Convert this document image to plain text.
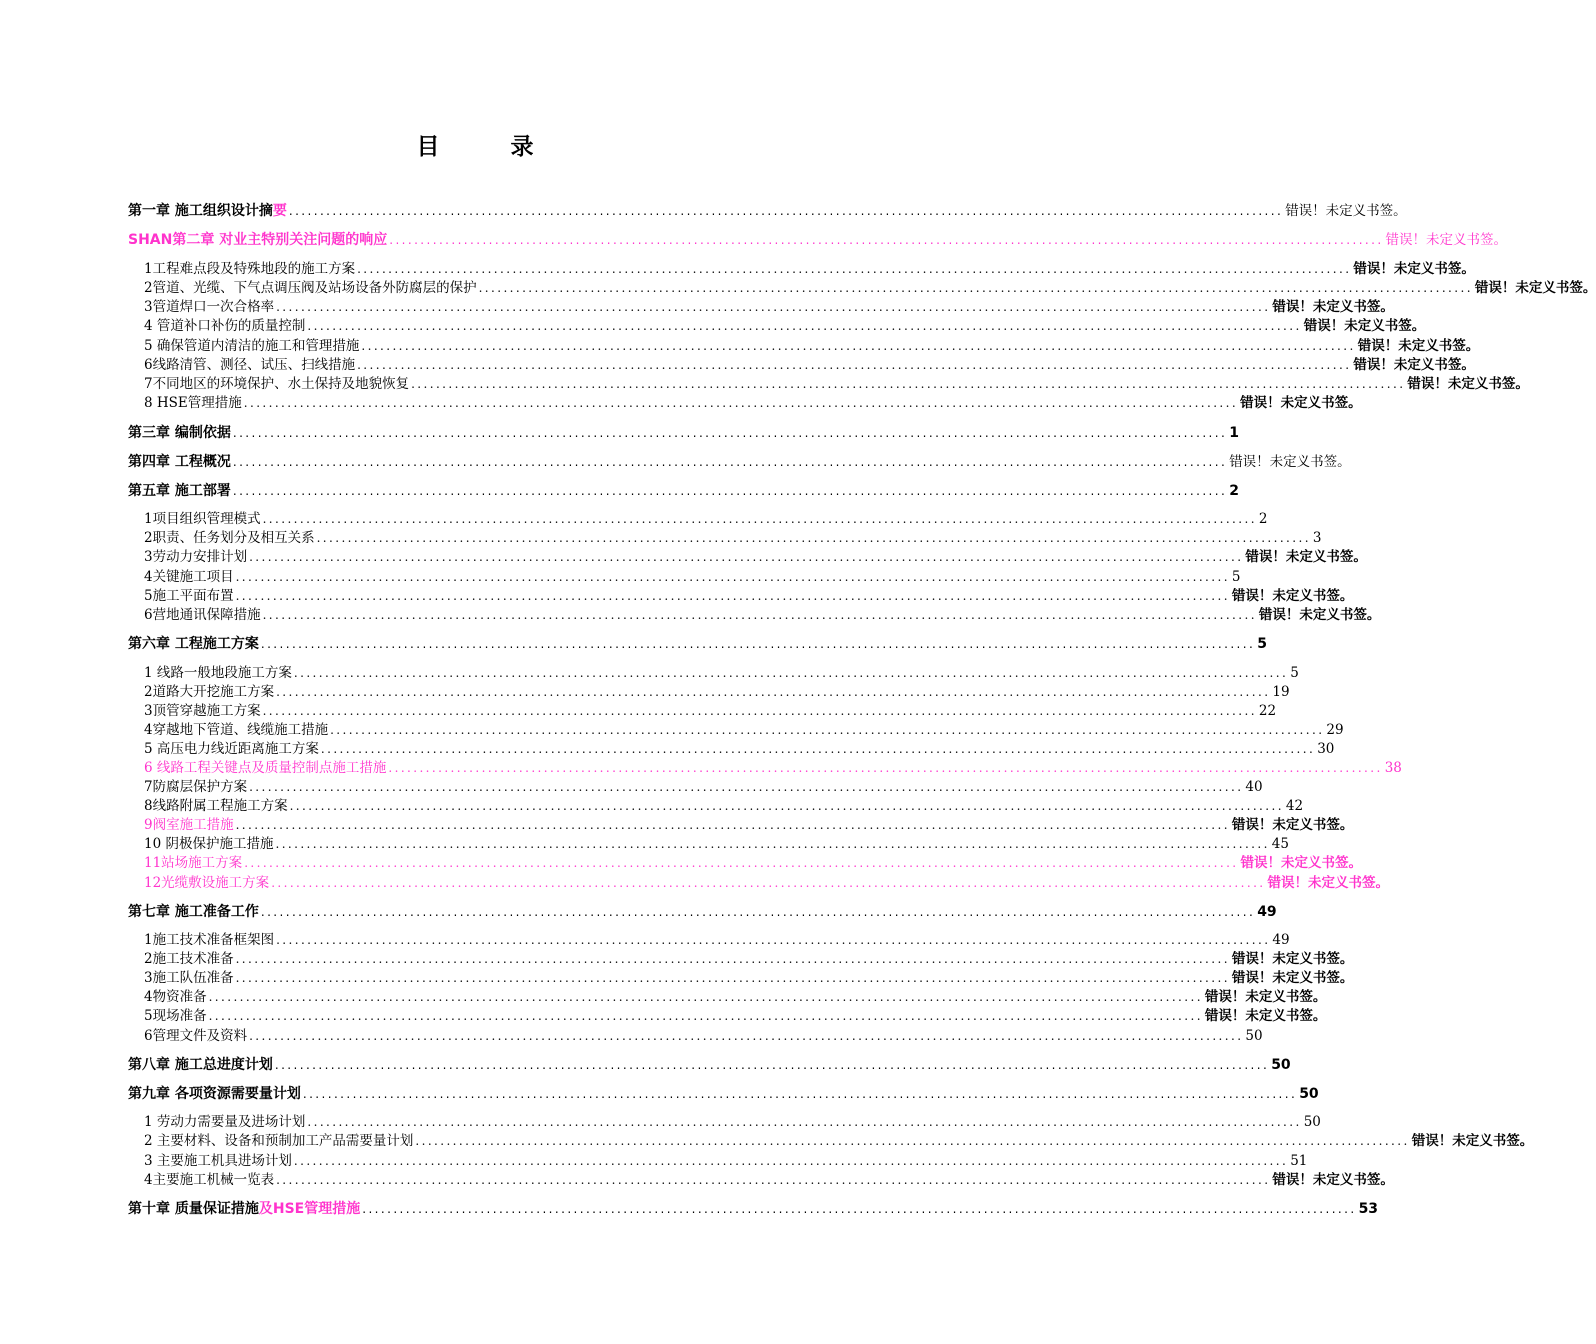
目　录
第一章 施工组织设计摘要 ................................................................................................................................................................ 错误！未定义书签。
SHAN第二章 对业主特别关注问题的响应 ................................................................................................................................................................ 错误！未定义书签。
1工程难点段及特殊地段的施工方案 ................................................................................................................................................................ 错误！未定义书签。
2管道、光缆、下气点调压阀及站场设备外防腐层的保护 ................................................................................................................................................................ 错误！未定义书签。
3管道焊口一次合格率 ................................................................................................................................................................ 错误！未定义书签。
4 管道补口补伤的质量控制 ................................................................................................................................................................ 错误！未定义书签。
5 确保管道内清洁的施工和管理措施 ................................................................................................................................................................ 错误！未定义书签。
6线路清管、测径、试压、扫线措施 ................................................................................................................................................................ 错误！未定义书签。
7不同地区的环境保护、水土保持及地貌恢复 ................................................................................................................................................................ 错误！未定义书签。
8 HSE管理措施 ................................................................................................................................................................ 错误！未定义书签。
第三章 编制依据 ................................................................................................................................................................ 1
第四章 工程概况 ................................................................................................................................................................ 错误！未定义书签。
第五章 施工部署 ................................................................................................................................................................ 2
1项目组织管理模式 ................................................................................................................................................................ 2
2职责、任务划分及相互关系 ................................................................................................................................................................ 3
3劳动力安排计划 ................................................................................................................................................................ 错误！未定义书签。
4关键施工项目 ................................................................................................................................................................ 5
5施工平面布置 ................................................................................................................................................................ 错误！未定义书签。
6营地通讯保障措施 ................................................................................................................................................................ 错误！未定义书签。
第六章 工程施工方案 ................................................................................................................................................................ 5
1 线路一般地段施工方案 ................................................................................................................................................................ 5
2道路大开挖施工方案 ................................................................................................................................................................ 19
3顶管穿越施工方案 ................................................................................................................................................................ 22
4穿越地下管道、线缆施工措施 ................................................................................................................................................................ 29
5 高压电力线近距离施工方案 ................................................................................................................................................................ 30
6 线路工程关键点及质量控制点施工措施 ................................................................................................................................................................ 38
7防腐层保护方案 ................................................................................................................................................................ 40
8线路附属工程施工方案 ................................................................................................................................................................ 42
9阀室施工措施 ................................................................................................................................................................ 错误！未定义书签。
10 阴极保护施工措施 ................................................................................................................................................................ 45
11站场施工方案 ................................................................................................................................................................ 错误！未定义书签。
12光缆敷设施工方案 ................................................................................................................................................................ 错误！未定义书签。
第七章 施工准备工作 ................................................................................................................................................................ 49
1施工技术准备框架图 ................................................................................................................................................................ 49
2施工技术准备 ................................................................................................................................................................ 错误！未定义书签。
3施工队伍准备 ................................................................................................................................................................ 错误！未定义书签。
4物资准备 ................................................................................................................................................................ 错误！未定义书签。
5现场准备 ................................................................................................................................................................ 错误！未定义书签。
6管理文件及资料 ................................................................................................................................................................ 50
第八章 施工总进度计划 ................................................................................................................................................................ 50
第九章 各项资源需要量计划 ................................................................................................................................................................ 50
1 劳动力需要量及进场计划 ................................................................................................................................................................ 50
2 主要材料、设备和预制加工产品需要量计划 ................................................................................................................................................................ 错误！未定义书签。
3 主要施工机具进场计划 ................................................................................................................................................................ 51
4主要施工机械一览表 ................................................................................................................................................................ 错误！未定义书签。
第十章 质量保证措施及HSE管理措施 ................................................................................................................................................................ 53
